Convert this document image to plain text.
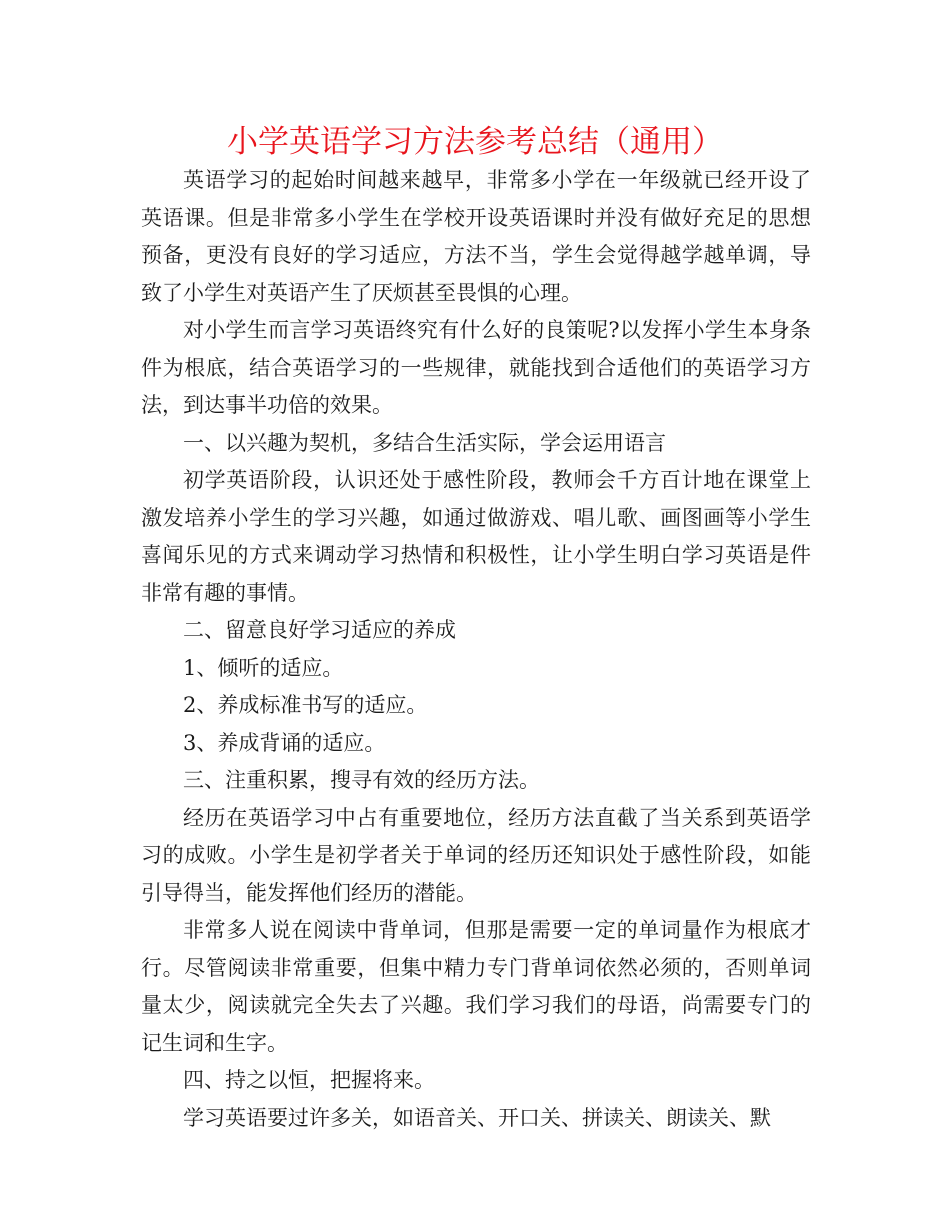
小学英语学习方法参考总结（通用）

英语学习的起始时间越来越早，非常多小学在一年级就已经开设了英语课。但是非常多小学生在学校开设英语课时并没有做好充足的思想预备，更没有良好的学习适应，方法不当，学生会觉得越学越单调，导致了小学生对英语产生了厌烦甚至畏惧的心理。

对小学生而言学习英语终究有什么好的良策呢?以发挥小学生本身条件为根底，结合英语学习的一些规律，就能找到合适他们的英语学习方法，到达事半功倍的效果。

一、以兴趣为契机，多结合生活实际，学会运用语言

初学英语阶段，认识还处于感性阶段，教师会千方百计地在课堂上激发培养小学生的学习兴趣，如通过做游戏、唱儿歌、画图画等小学生喜闻乐见的方式来调动学习热情和积极性，让小学生明白学习英语是件非常有趣的事情。

二、留意良好学习适应的养成

1、倾听的适应。

2、养成标准书写的适应。

3、养成背诵的适应。

三、注重积累，搜寻有效的经历方法。

经历在英语学习中占有重要地位，经历方法直截了当关系到英语学习的成败。小学生是初学者关于单词的经历还知识处于感性阶段，如能引导得当，能发挥他们经历的潜能。

非常多人说在阅读中背单词，但那是需要一定的单词量作为根底才行。尽管阅读非常重要，但集中精力专门背单词依然必须的，否则单词量太少，阅读就完全失去了兴趣。我们学习我们的母语，尚需要专门的记生词和生字。

四、持之以恒，把握将来。

学习英语要过许多关，如语音关、开口关、拼读关、朗读关、默
